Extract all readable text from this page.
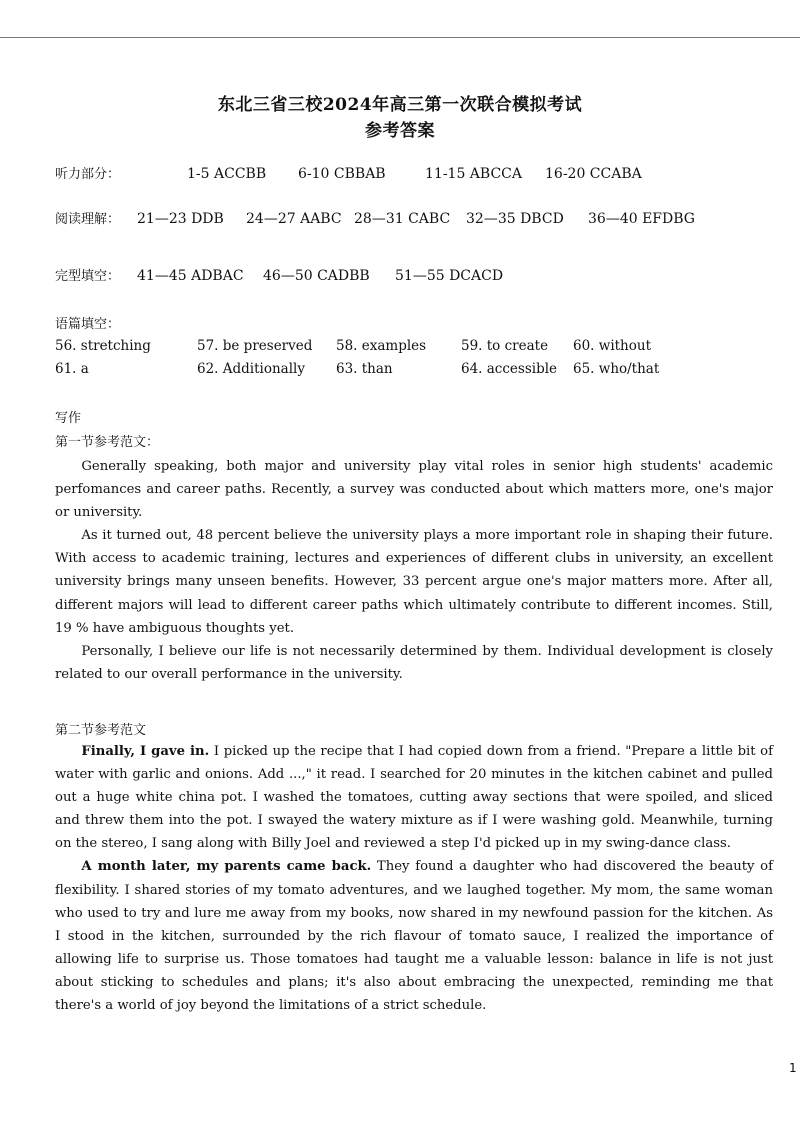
东北三省三校2024年高三第一次联合模拟考试
参考答案
听力部分：	1-5 ACCBB 6-10 CBBAB	11-15 ABCCA 16-20 CCABA
阅读理解： 21—23 DDB 24—27 AABC 28—31 CABC 32—35 DBCD 36—40 EFDBG
完型填空： 41—45 ADBAC 46—50 CADBB 51—55 DCACD
语篇填空：
56. stretching	57. be preserved 58. examples	59. to create 60. without
61. a	62. Additionally 63. than	64. accessible 65. who/that
写作
第一节参考范文：

Generally speaking, both major and university play vital roles in senior high students' academic perfomances and career paths. Recently, a survey was conducted about which matters more, one's major or university.

As it turned out, 48 percent believe the university plays a more important role in shaping their future. With access to academic training, lectures and experiences of different clubs in university, an excellent university brings many unseen benefits. However, 33 percent argue one's major matters more. After all, different majors will lead to different career paths which ultimately contribute to different incomes. Still, 19 % have ambiguous thoughts yet.

Personally, I believe our life is not necessarily determined by them. Individual development is closely related to our overall performance in the university.

第二节参考范文

Finally, I gave in. I picked up the recipe that I had copied down from a friend. "Prepare a little bit of water with garlic and onions. Add ...," it read. I searched for 20 minutes in the kitchen cabinet and pulled out a huge white china pot. I washed the tomatoes, cutting away sections that were spoiled, and sliced and threw them into the pot. I swayed the watery mixture as if I were washing gold. Meanwhile, turning on the stereo, I sang along with Billy Joel and reviewed a step I'd picked up in my swing-dance class.

A month later, my parents came back. They found a daughter who had discovered the beauty of flexibility. I shared stories of my tomato adventures, and we laughed together. My mom, the same woman who used to try and lure me away from my books, now shared in my newfound passion for the kitchen. As I stood in the kitchen, surrounded by the rich flavour of tomato sauce, I realized the importance of allowing life to surprise us. Those tomatoes had taught me a valuable lesson: balance in life is not just about sticking to schedules and plans; it's also about embracing the unexpected, reminding me that there's a world of joy beyond the limitations of a strict schedule.

1
